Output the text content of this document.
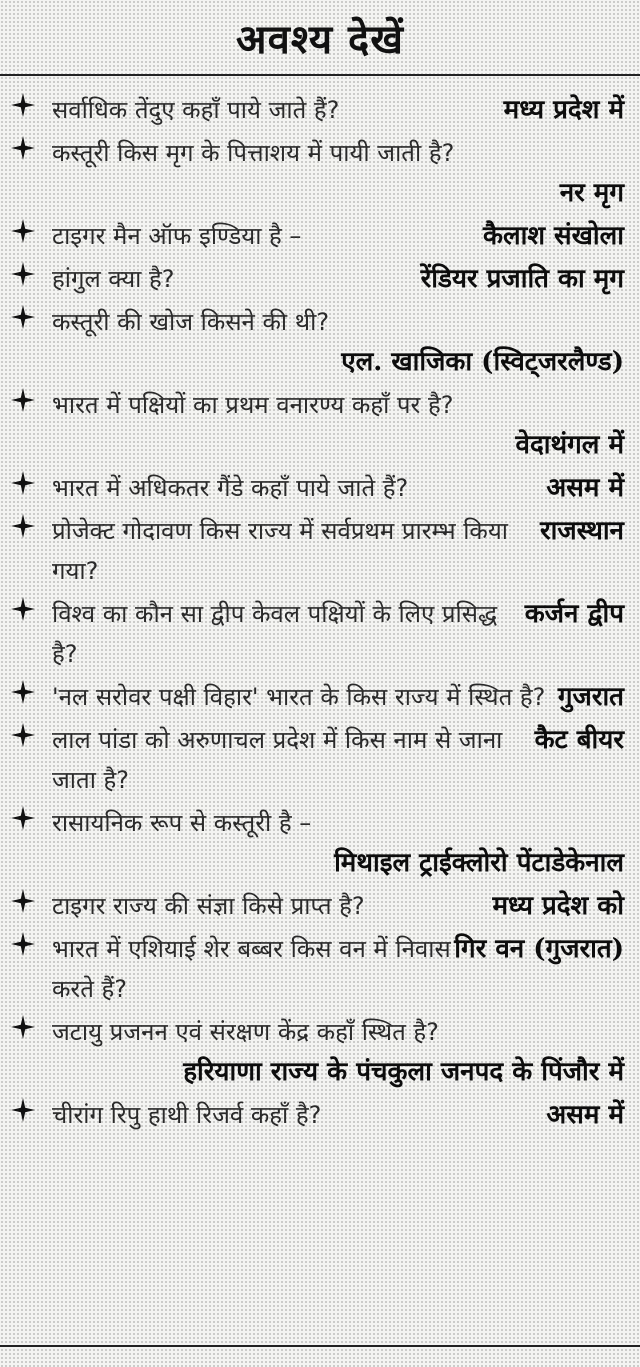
अवश्य देखें
मध्य प्रदेश में
सर्वाधिक तेंदुए कहाँ पाये जाते हैं?
कस्तूरी किस मृग के पित्ताशय में पायी जाती है?
नर मृग
कैलाश संखोला
टाइगर मैन ऑफ इण्डिया है –
रेंडियर प्रजाति का मृग
हांगुल क्या है?
कस्तूरी की खोज किसने की थी?
एल. खाजिका (स्विट्जरलैण्ड)
भारत में पक्षियों का प्रथम वनारण्य कहाँ पर है?
वेदाथंगल में
असम में
भारत में अधिकतर गैंडे कहाँ पाये जाते हैं?
राजस्थान
प्रोजेक्ट गोदावण किस राज्य में सर्वप्रथम प्रारम्भ किया गया?
कर्जन द्वीप
विश्व का कौन सा द्वीप केवल पक्षियों के लिए प्रसिद्ध है?
गुजरात
'नल सरोवर पक्षी विहार' भारत के किस राज्य में स्थित है?
कैट बीयर
लाल पांडा को अरुणाचल प्रदेश में किस नाम से जाना जाता है?
रासायनिक रूप से कस्तूरी है –
मिथाइल ट्राईक्लोरो पेंटाडेकेनाल
मध्य प्रदेश को
टाइगर राज्य की संज्ञा किसे प्राप्त है?
गिर वन (गुजरात)
भारत में एशियाई शेर बब्बर किस वन में निवास करते हैं?
जटायु प्रजनन एवं संरक्षण केंद्र कहाँ स्थित है?
हरियाणा राज्य के पंचकुला जनपद के पिंजौर में
असम में
चीरांग रिपु हाथी रिजर्व कहाँ है?
